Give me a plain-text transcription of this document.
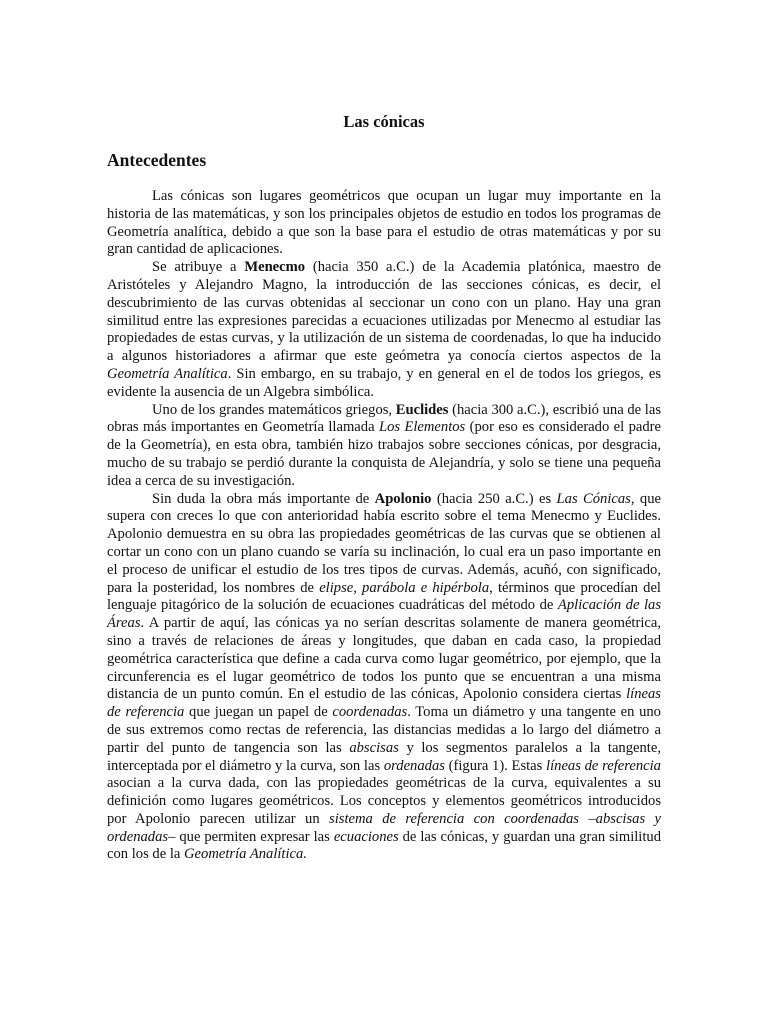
Las cónicas
Antecedentes

Las cónicas son lugares geométricos que ocupan un lugar muy importante en la historia de las matemáticas, y son los principales objetos de estudio en todos los programas de Geometría analítica, debido a que son la base para el estudio de otras matemáticas y por su gran cantidad de aplicaciones.

Se atribuye a Menecmo (hacia 350 a.C.) de la Academia platónica, maestro de Aristóteles y Alejandro Magno, la introducción de las secciones cónicas, es decir, el descubrimiento de las curvas obtenidas al seccionar un cono con un plano. Hay una gran similitud entre las expresiones parecidas a ecuaciones utilizadas por Menecmo al estudiar las propiedades de estas curvas, y la utilización de un sistema de coordenadas, lo que ha inducido a algunos historiadores a afirmar que este geómetra ya conocía ciertos aspectos de la Geometría Analítica. Sin embargo, en su trabajo, y en general en el de todos los griegos, es evidente la ausencia de un Algebra simbólica.

Uno de los grandes matemáticos griegos, Euclides (hacia 300 a.C.), escribió una de las obras más importantes en Geometría llamada Los Elementos (por eso es considerado el padre de la Geometría), en esta obra, también hizo trabajos sobre secciones cónicas, por desgracia, mucho de su trabajo se perdió durante la conquista de Alejandría, y solo se tiene una pequeña idea a cerca de su investigación.

Sin duda la obra más importante de Apolonio (hacia 250 a.C.) es Las Cónicas, que supera con creces lo que con anterioridad había escrito sobre el tema Menecmo y Euclides. Apolonio demuestra en su obra las propiedades geométricas de las curvas que se obtienen al cortar un cono con un plano cuando se varía su inclinación, lo cual era un paso importante en el proceso de unificar el estudio de los tres tipos de curvas. Además, acuñó, con significado, para la posteridad, los nombres de elipse, parábola e hipérbola, términos que procedían del lenguaje pitagórico de la solución de ecuaciones cuadráticas del método de Aplicación de las Áreas. A partir de aquí, las cónicas ya no serían descritas solamente de manera geométrica, sino a través de relaciones de áreas y longitudes, que daban en cada caso, la propiedad geométrica característica que define a cada curva como lugar geométrico, por ejemplo, que la circunferencia es el lugar geométrico de todos los punto que se encuentran a una misma distancia de un punto común. En el estudio de las cónicas, Apolonio considera ciertas líneas de referencia que juegan un papel de coordenadas. Toma un diámetro y una tangente en uno de sus extremos como rectas de referencia, las distancias medidas a lo largo del diámetro a partir del punto de tangencia son las abscisas y los segmentos paralelos a la tangente, interceptada por el diámetro y la curva, son las ordenadas (figura 1). Estas líneas de referencia asocian a la curva dada, con las propiedades geométricas de la curva, equivalentes a su definición como lugares geométricos. Los conceptos y elementos geométricos introducidos por Apolonio parecen utilizar un sistema de referencia con coordenadas –abscisas y ordenadas– que permiten expresar las ecuaciones de las cónicas, y guardan una gran similitud con los de la Geometría Analítica.
